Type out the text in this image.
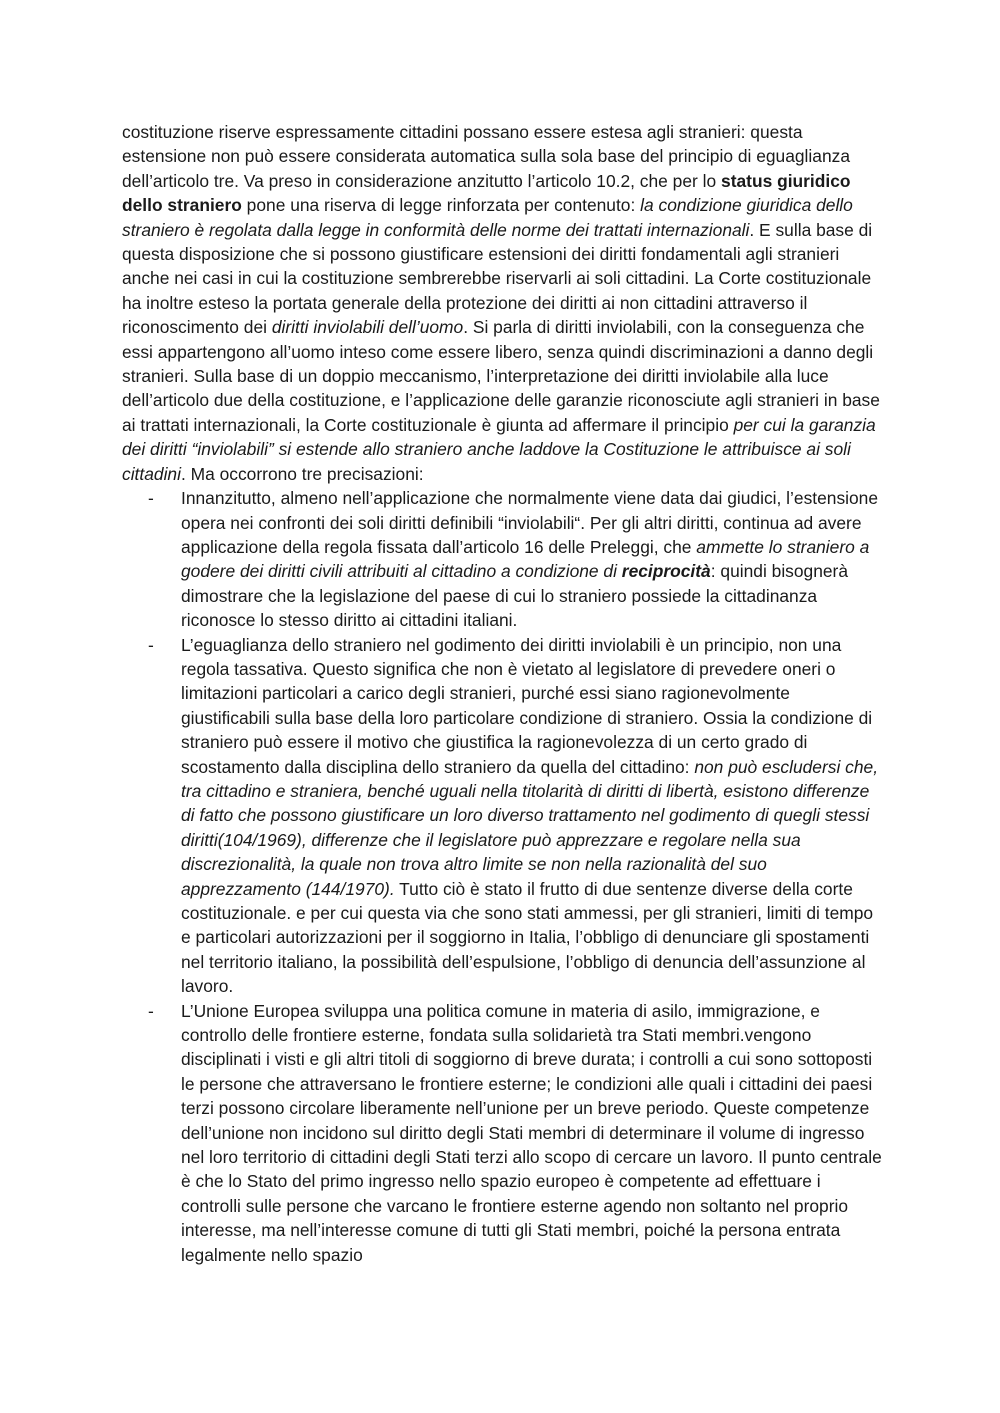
costituzione riserve espressamente cittadini possano essere estesa agli stranieri: questa estensione non può essere considerata automatica sulla sola base del principio di eguaglianza dell’articolo tre. Va preso in considerazione anzitutto l’articolo 10.2, che per lo status giuridico dello straniero pone una riserva di legge rinforzata per contenuto: la condizione giuridica dello straniero è regolata dalla legge in conformità delle norme dei trattati internazionali. E sulla base di questa disposizione che si possono giustificare estensioni dei diritti fondamentali agli stranieri anche nei casi in cui la costituzione sembrerebbe riservarli ai soli cittadini. La Corte costituzionale ha inoltre esteso la portata generale della protezione dei diritti ai non cittadini attraverso il riconoscimento dei diritti inviolabili dell’uomo. Si parla di diritti inviolabili, con la conseguenza che essi appartengono all’uomo inteso come essere libero, senza quindi discriminazioni a danno degli stranieri. Sulla base di un doppio meccanismo, l’interpretazione dei diritti inviolabile alla luce dell’articolo due della costituzione, e l’applicazione delle garanzie riconosciute agli stranieri in base ai trattati internazionali, la Corte costituzionale è giunta ad affermare il principio per cui la garanzia dei diritti “inviolabili” si estende allo straniero anche laddove la Costituzione le attribuisce ai soli cittadini. Ma occorrono tre precisazioni:

- Innanzitutto, almeno nell’applicazione che normalmente viene data dai giudici, l’estensione opera nei confronti dei soli diritti definibili “inviolabili“. Per gli altri diritti, continua ad avere applicazione della regola fissata dall’articolo 16 delle Preleggi, che ammette lo straniero a godere dei diritti civili attribuiti al cittadino a condizione di reciprocità: quindi bisognerà dimostrare che la legislazione del paese di cui lo straniero possiede la cittadinanza riconosce lo stesso diritto ai cittadini italiani.
- L’eguaglianza dello straniero nel godimento dei diritti inviolabili è un principio, non una regola tassativa. Questo significa che non è vietato al legislatore di prevedere oneri o limitazioni particolari a carico degli stranieri, purché essi siano ragionevolmente giustificabili sulla base della loro particolare condizione di straniero. Ossia la condizione di straniero può essere il motivo che giustifica la ragionevolezza di un certo grado di scostamento dalla disciplina dello straniero da quella del cittadino: non può escludersi che, tra cittadino e straniera, benché uguali nella titolarità di diritti di libertà, esistono differenze di fatto che possono giustificare un loro diverso trattamento nel godimento di quegli stessi diritti(104/1969), differenze che il legislatore può apprezzare e regolare nella sua discrezionalità, la quale non trova altro limite se non nella razionalità del suo apprezzamento (144/1970). Tutto ciò è stato il frutto di due sentenze diverse della corte costituzionale. e per cui questa via che sono stati ammessi, per gli stranieri, limiti di tempo e particolari autorizzazioni per il soggiorno in Italia, l’obbligo di denunciare gli spostamenti nel territorio italiano, la possibilità dell’espulsione, l’obbligo di denuncia dell’assunzione al lavoro.
- L’Unione Europea sviluppa una politica comune in materia di asilo, immigrazione, e controllo delle frontiere esterne, fondata sulla solidarietà tra Stati membri.vengono disciplinati i visti e gli altri titoli di soggiorno di breve durata; i controlli a cui sono sottoposti le persone che attraversano le frontiere esterne; le condizioni alle quali i cittadini dei paesi terzi possono circolare liberamente nell’unione per un breve periodo. Queste competenze dell’unione non incidono sul diritto degli Stati membri di determinare il volume di ingresso nel loro territorio di cittadini degli Stati terzi allo scopo di cercare un lavoro. Il punto centrale è che lo Stato del primo ingresso nello spazio europeo è competente ad effettuare i controlli sulle persone che varcano le frontiere esterne agendo non soltanto nel proprio interesse, ma nell’interesse comune di tutti gli Stati membri, poiché la persona entrata legalmente nello spazio
